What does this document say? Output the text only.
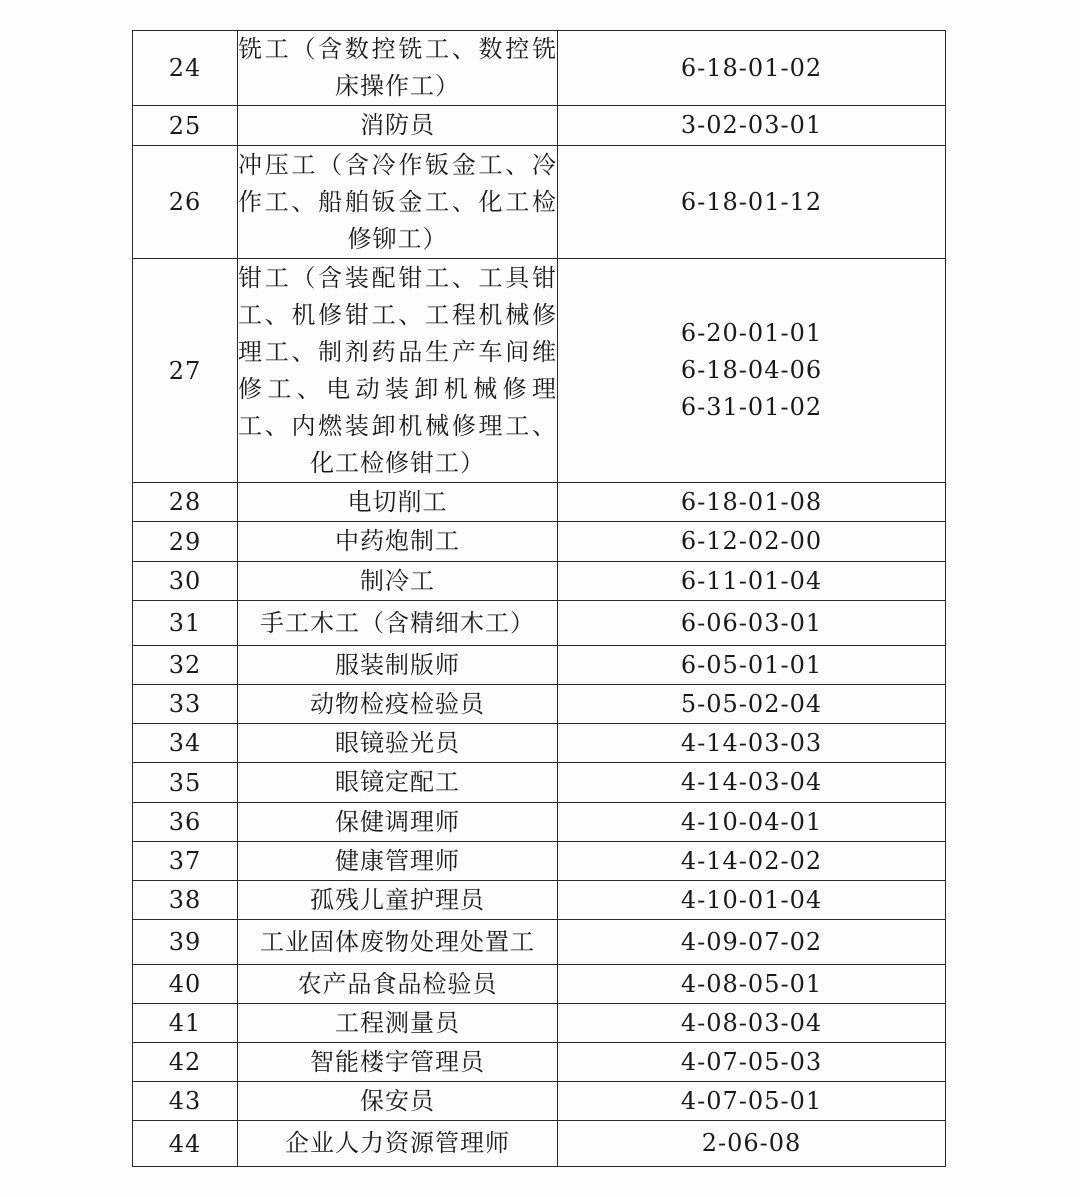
24	铣工（含数控铣工、数控铣床操作工）	6-18-01-02

25	消防员	3-02-03-01

26	冲压工（含冷作钣金工、冷作工、船舶钣金工、化工检修铆工）	6-18-01-12

27	钳工（含装配钳工、工具钳工、机修钳工、工程机械修理工、制剂药品生产车间维修工、电动装卸机械修理工、内燃装卸机械修理工、化工检修钳工）	6-20-01-01
6-18-04-06
6-31-01-02

28	电切削工	6-18-01-08

29	中药炮制工	6-12-02-00

30	制冷工	6-11-01-04

31	手工木工（含精细木工）	6-06-03-01

32	服装制版师	6-05-01-01

33	动物检疫检验员	5-05-02-04

34	眼镜验光员	4-14-03-03

35	眼镜定配工	4-14-03-04

36	保健调理师	4-10-04-01

37	健康管理师	4-14-02-02

38	孤残儿童护理员	4-10-01-04

39	工业固体废物处理处置工	4-09-07-02

40	农产品食品检验员	4-08-05-01

41	工程测量员	4-08-03-04

42	智能楼宇管理员	4-07-05-03

43	保安员	4-07-05-01

44	企业人力资源管理师	2-06-08
